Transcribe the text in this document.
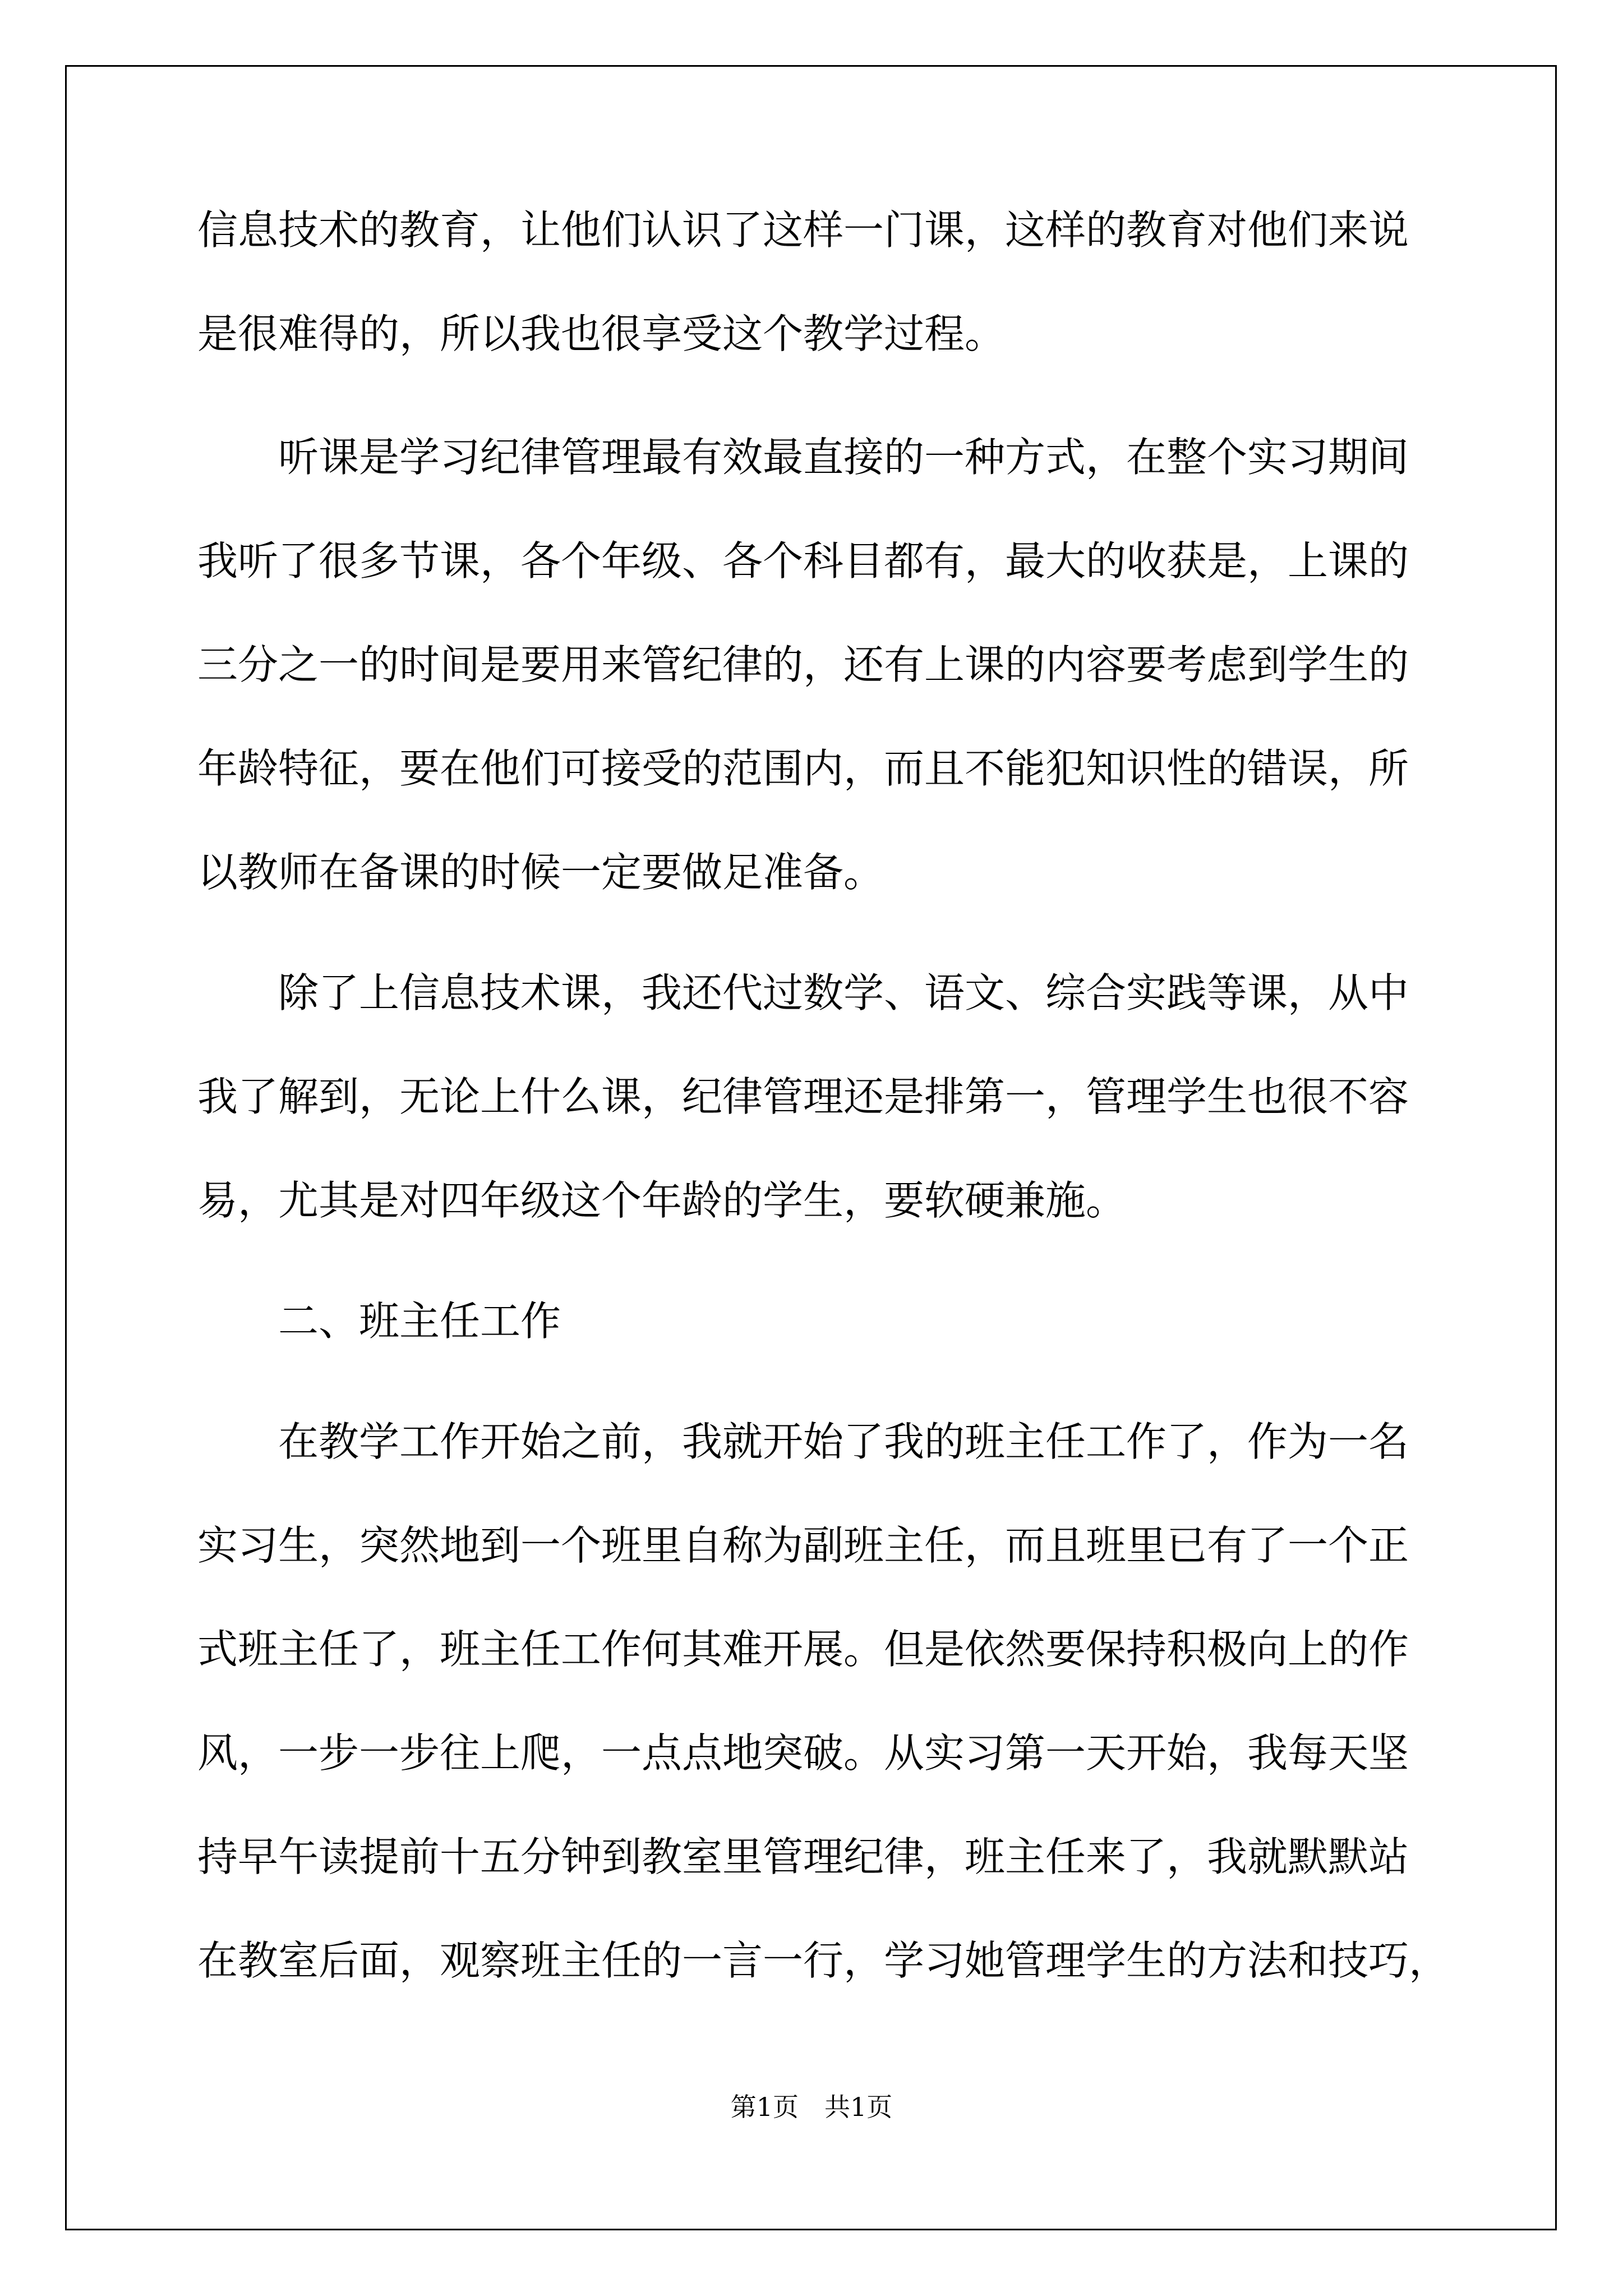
信息技术的教育，让他们认识了这样一门课，这样的教育对他们来说
是很难得的，所以我也很享受这个教学过程。
听课是学习纪律管理最有效最直接的一种方式，在整个实习期间
我听了很多节课，各个年级、各个科目都有，最大的收获是，上课的
三分之一的时间是要用来管纪律的，还有上课的内容要考虑到学生的
年龄特征，要在他们可接受的范围内，而且不能犯知识性的错误，所
以教师在备课的时候一定要做足准备。
除了上信息技术课，我还代过数学、语文、综合实践等课，从中
我了解到，无论上什么课，纪律管理还是排第一，管理学生也很不容
易，尤其是对四年级这个年龄的学生，要软硬兼施。
二、班主任工作
在教学工作开始之前，我就开始了我的班主任工作了，作为一名
实习生，突然地到一个班里自称为副班主任，而且班里已有了一个正
式班主任了，班主任工作何其难开展。但是依然要保持积极向上的作
风，一步一步往上爬，一点点地突破。从实习第一天开始，我每天坚
持早午读提前十五分钟到教室里管理纪律，班主任来了，我就默默站
在教室后面，观察班主任的一言一行，学习她管理学生的方法和技巧，
第1页　共1页
